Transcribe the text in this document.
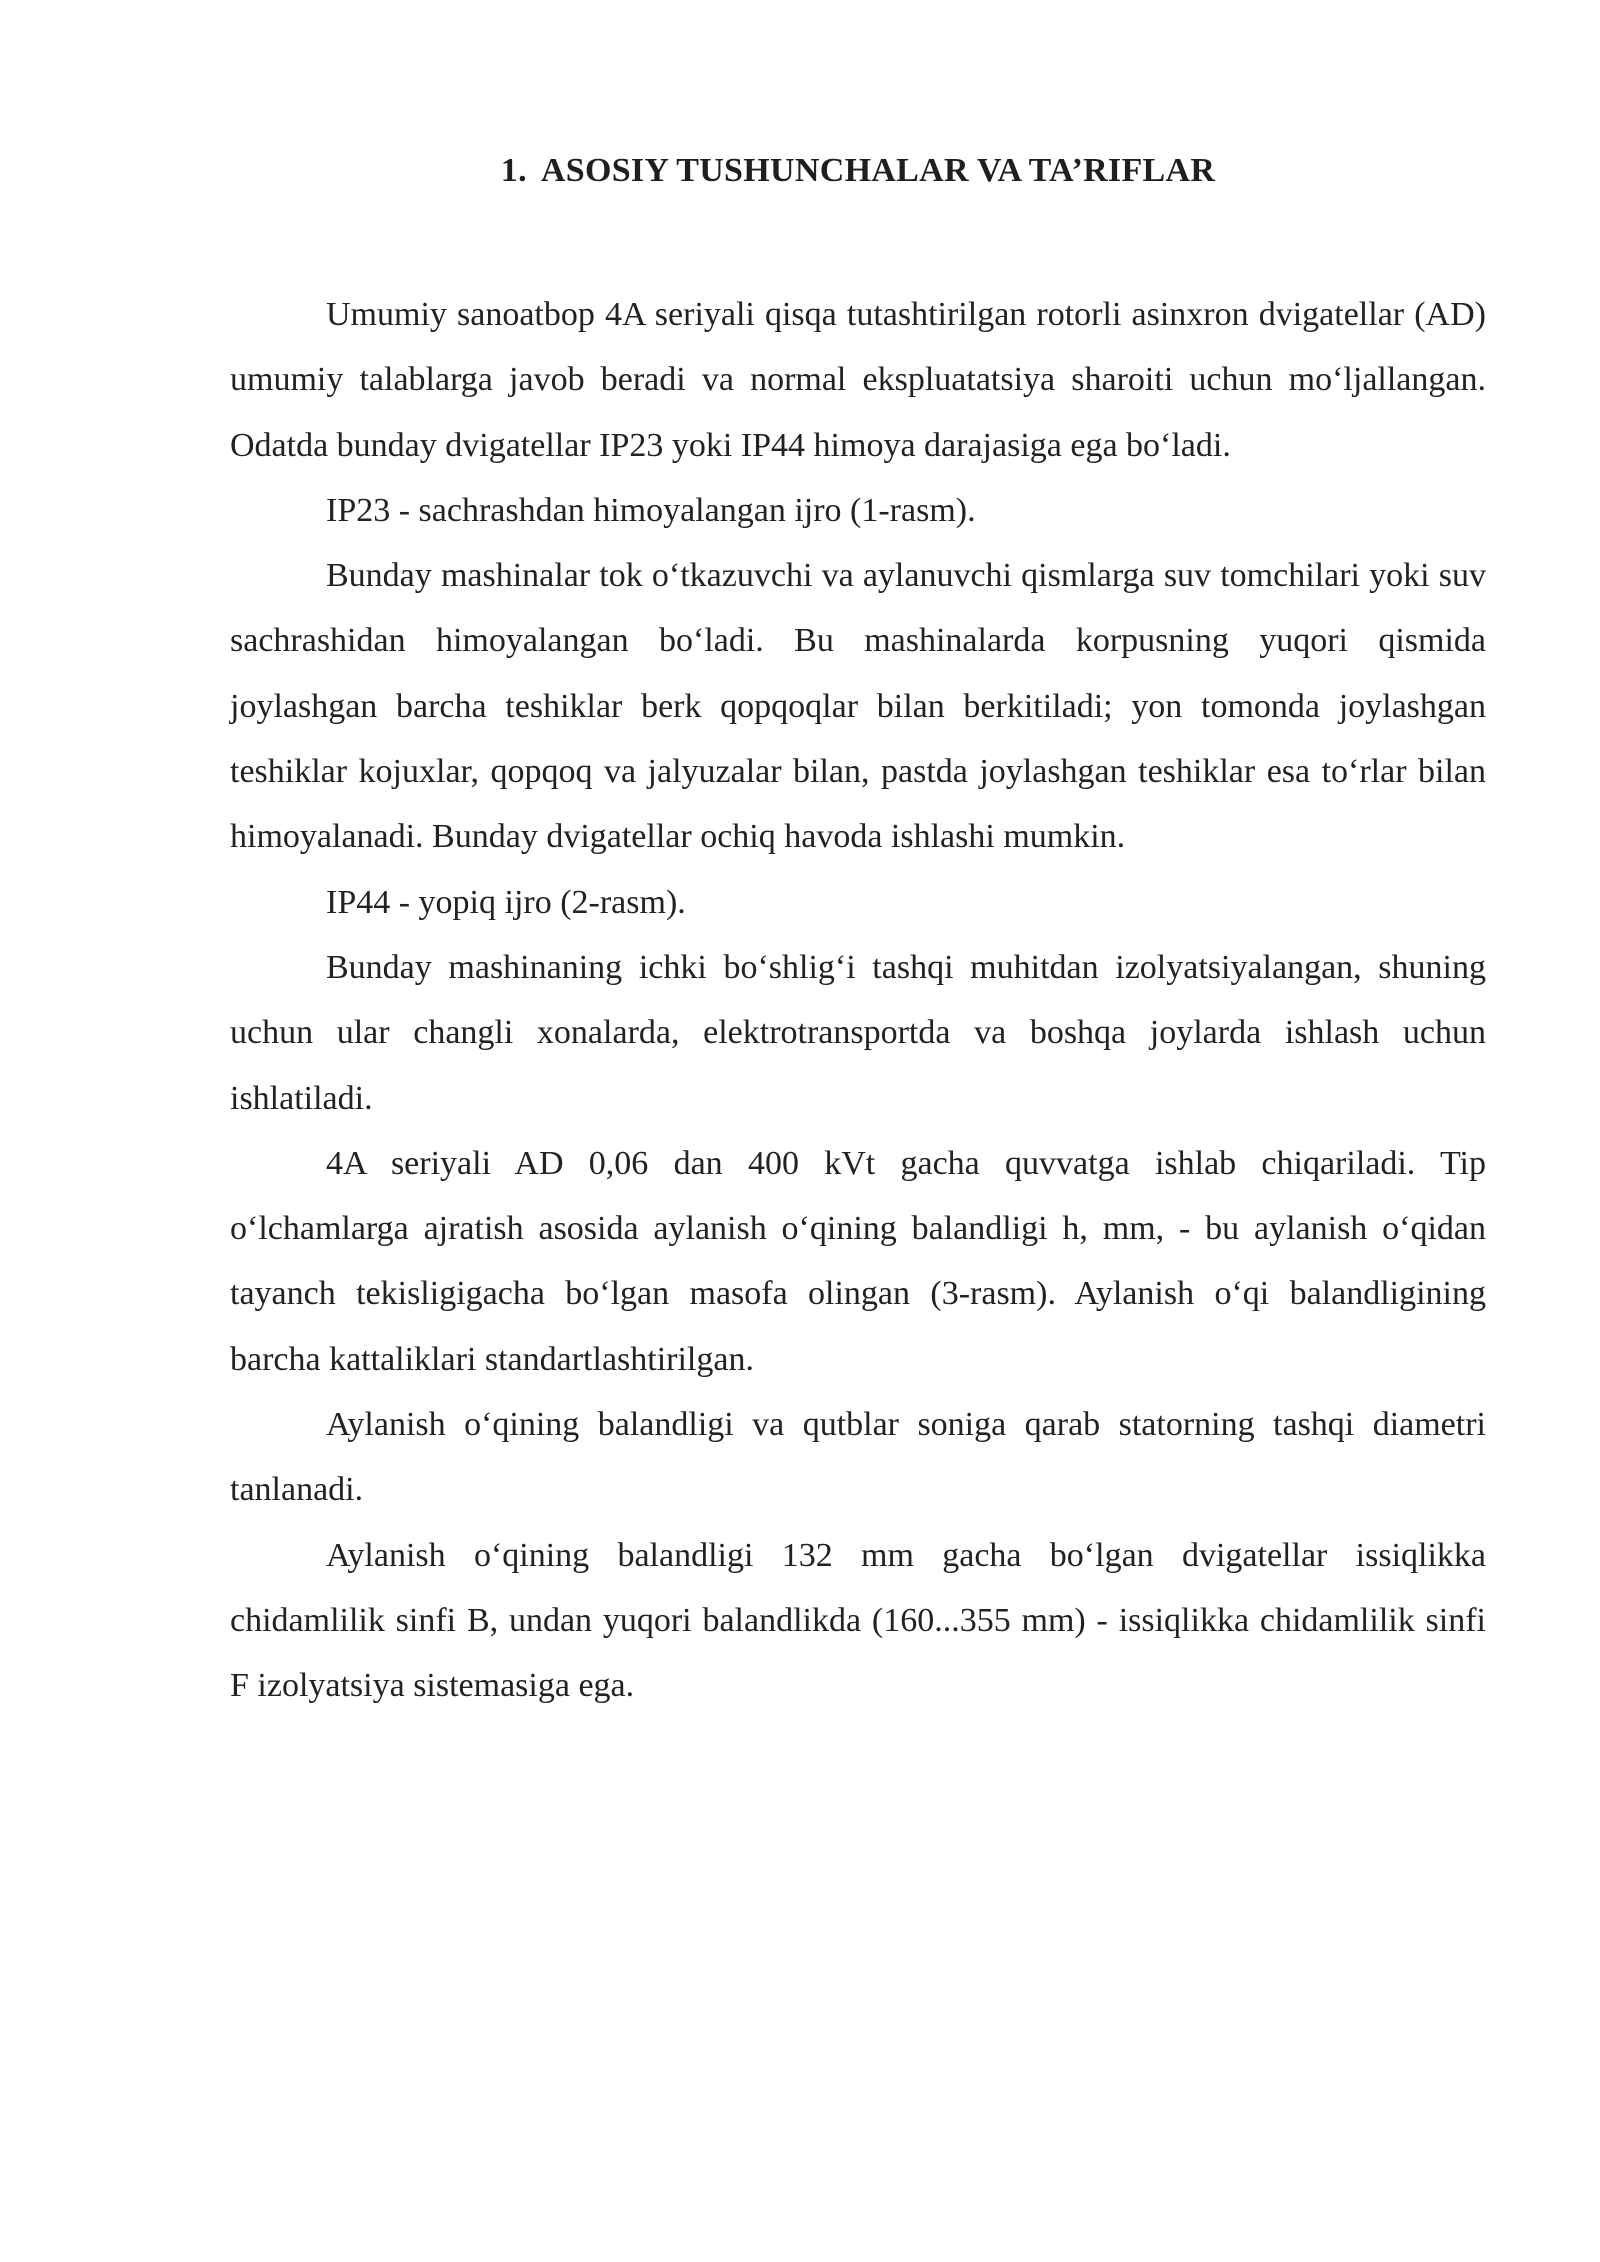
1. ASOSIY TUSHUNCHALAR VA TA’RIFLAR

Umumiy sanoatbop 4A seriyali qisqa tutashtirilgan rotorli asinxron dvigatellar (AD) umumiy talablarga javob beradi va normal ekspluatatsiya sharoiti uchun mo‘ljallangan. Odatda bunday dvigatellar IP23 yoki IP44 himoya darajasiga ega bo‘ladi.

IP23 - sachrashdan himoyalangan ijro (1-rasm).

Bunday mashinalar tok o‘tkazuvchi va aylanuvchi qismlarga suv tomchilari yoki suv sachrashidan himoyalangan bo‘ladi. Bu mashinalarda korpusning yuqori qismida joylashgan barcha teshiklar berk qopqoqlar bilan berkitiladi; yon tomonda joylashgan teshiklar kojuxlar, qopqoq va jalyuzalar bilan, pastda joylashgan teshiklar esa to‘rlar bilan himoyalanadi. Bunday dvigatellar ochiq havoda ishlashi mumkin.

IP44 - yopiq ijro (2-rasm).

Bunday mashinaning ichki bo‘shlig‘i tashqi muhitdan izolyatsiyalangan, shuning uchun ular changli xonalarda, elektrotransportda va boshqa joylarda ishlash uchun ishlatiladi.

4A seriyali AD 0,06 dan 400 kVt gacha quvvatga ishlab chiqariladi. Tip o‘lchamlarga ajratish asosida aylanish o‘qining balandligi h, mm, - bu aylanish o‘qidan tayanch tekisligigacha bo‘lgan masofa olingan (3-rasm). Aylanish o‘qi balandligining barcha kattaliklari standartlashtirilgan.

Aylanish o‘qining balandligi va qutblar soniga qarab statorning tashqi diametri tanlanadi.

Aylanish o‘qining balandligi 132 mm gacha bo‘lgan dvigatellar issiqlikka chidamlilik sinfi B, undan yuqori balandlikda (160...355 mm) - issiqlikka chidamlilik sinfi F izolyatsiya sistemasiga ega.
